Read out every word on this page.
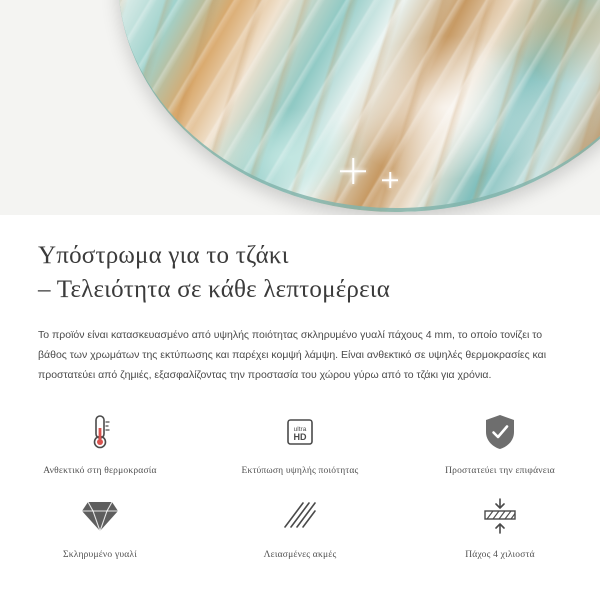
Υπόστρωμα για το τζάκι
– Τελειότητα σε κάθε λεπτομέρεια

Το προϊόν είναι κατασκευασμένο από υψηλής ποιότητας σκληρυμένο γυαλί πάχους 4 mm, το οποίο τονίζει το βάθος των χρωμάτων της εκτύπωσης και παρέχει κομψή λάμψη. Είναι ανθεκτικό σε υψηλές θερμοκρασίες και προστατεύει από ζημιές, εξασφαλίζοντας την προστασία του χώρου γύρω από το τζάκι για χρόνια.

Ανθεκτικό στη θερμοκρασία
ultra
HD
Εκτύπωση υψηλής ποιότητας	Προστατεύει την επιφάνεια
Σκληρυμένο γυαλί	Λειασμένες ακμές	Πάχος 4 χιλιοστά
